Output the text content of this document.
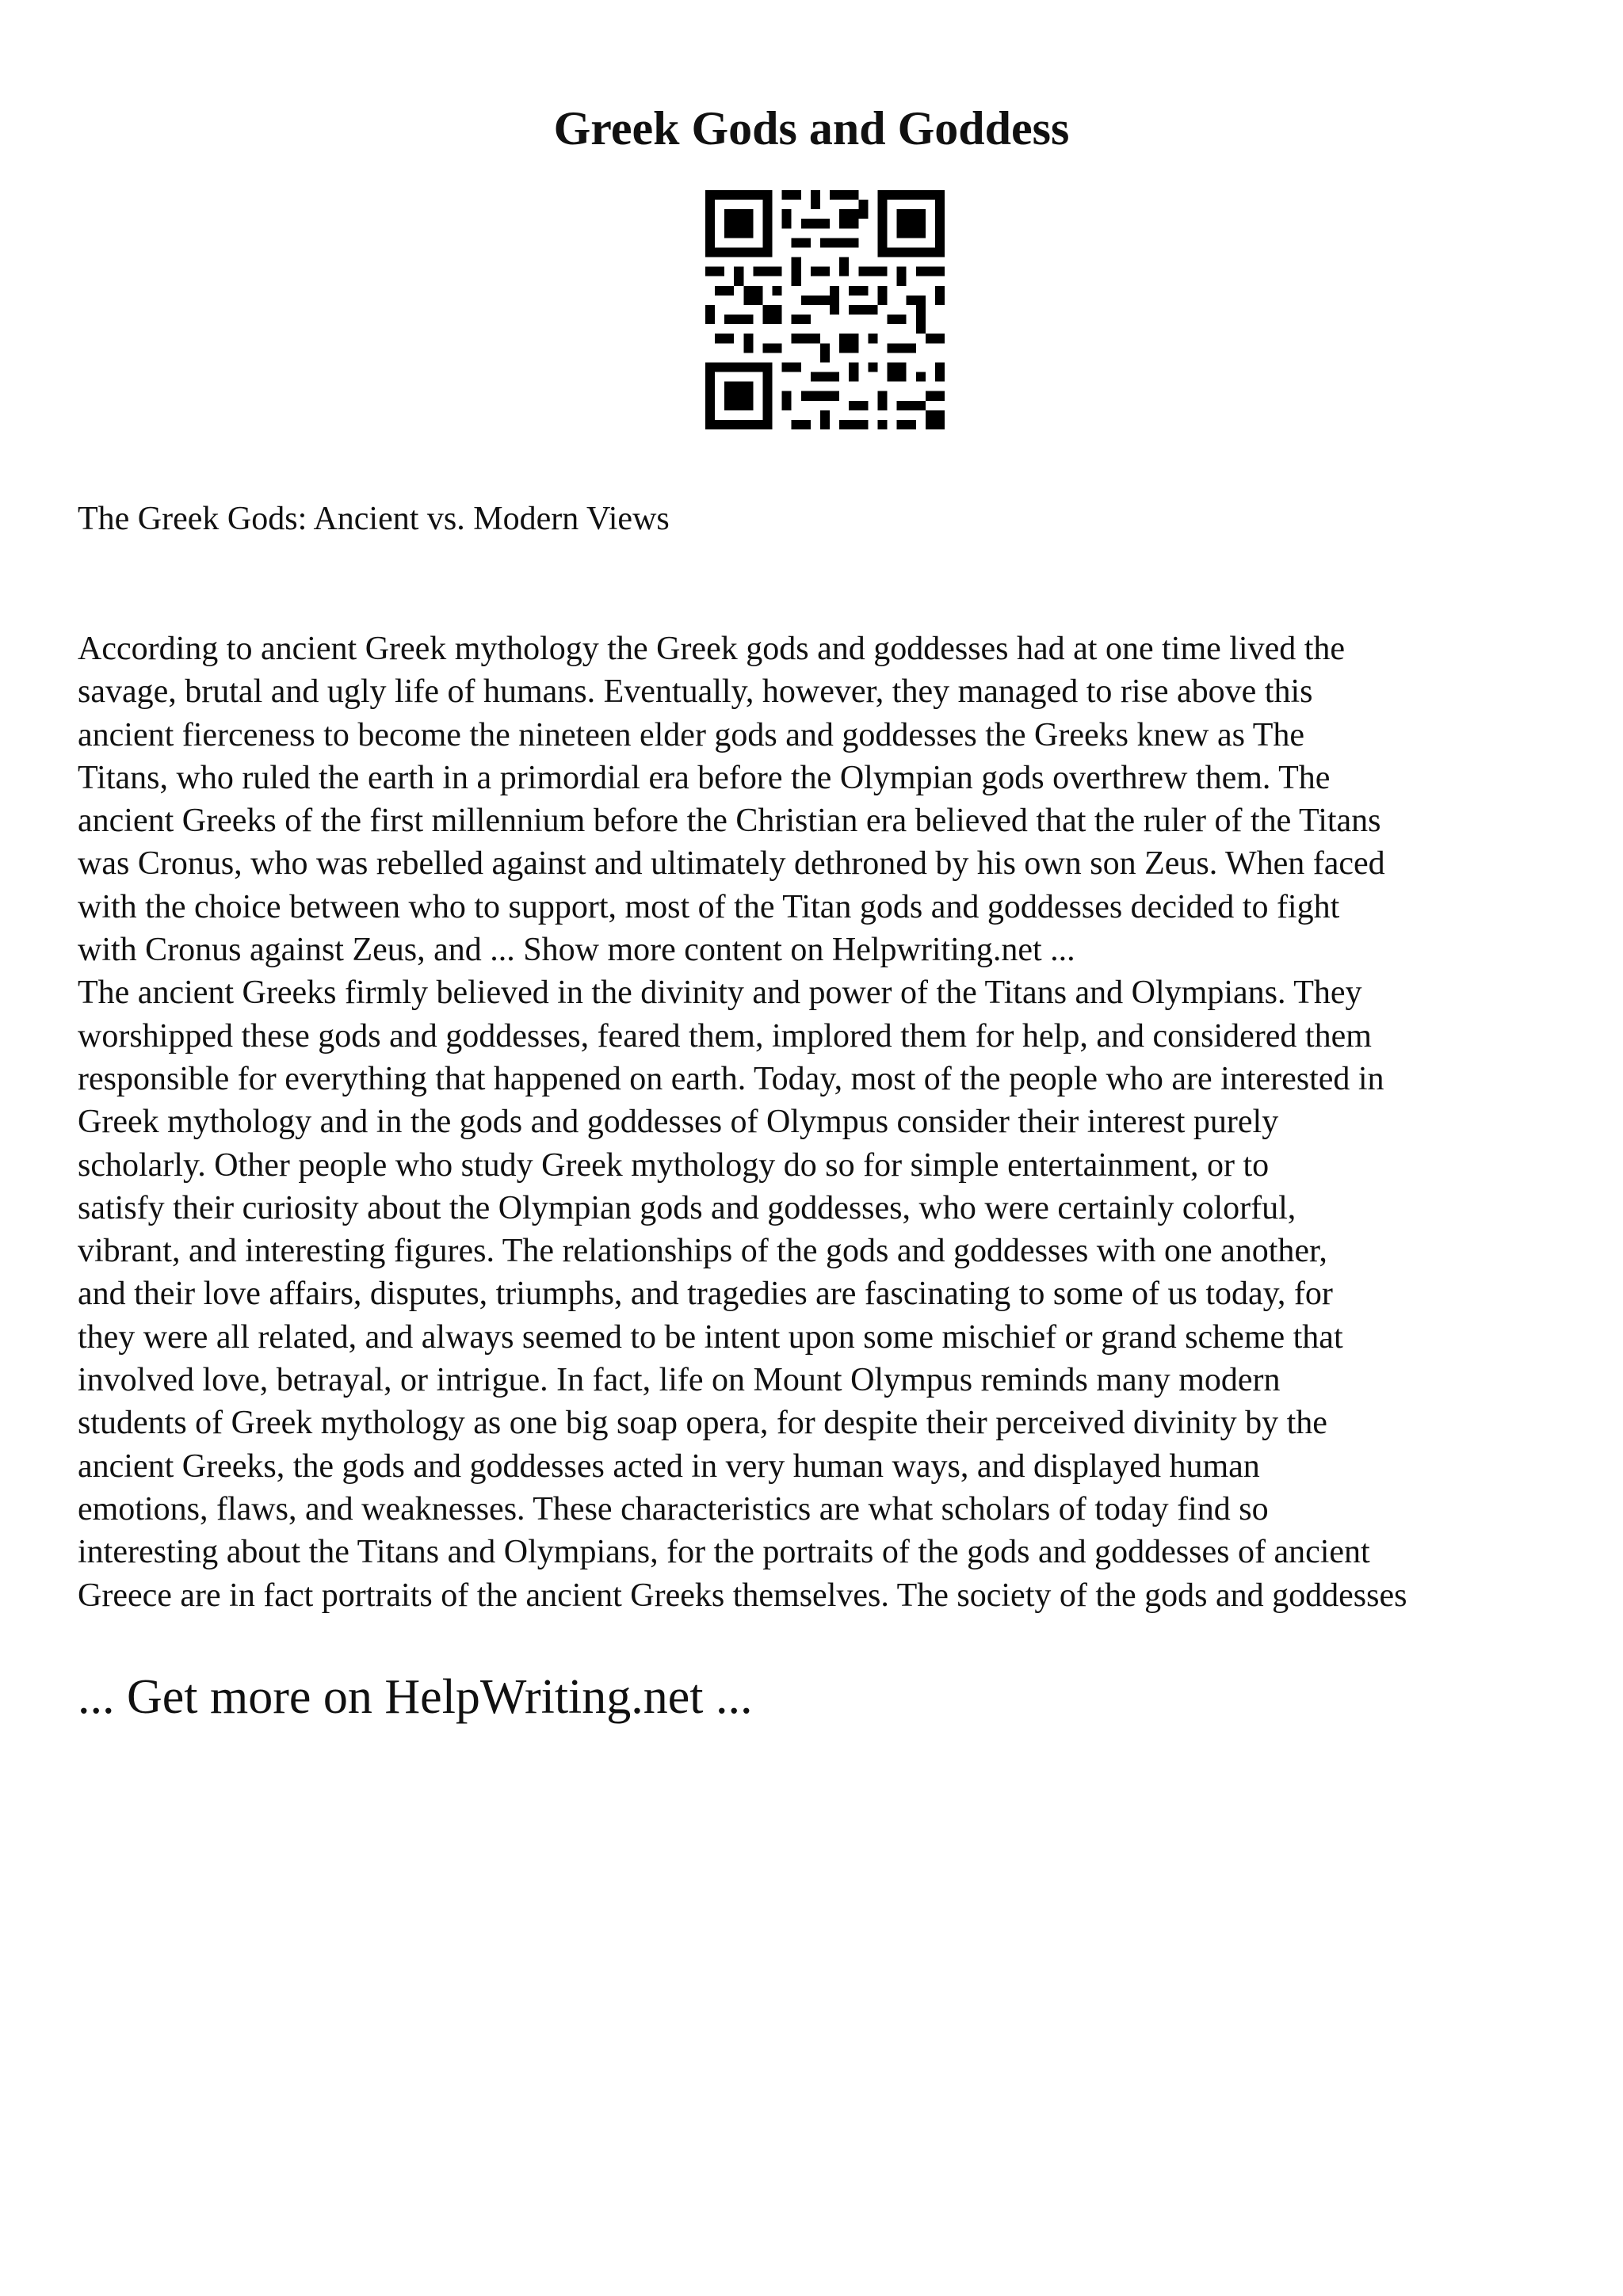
Greek Gods and Goddess

The Greek Gods: Ancient vs. Modern Views

According to ancient Greek mythology the Greek gods and goddesses had at one time lived the
savage, brutal and ugly life of humans. Eventually, however, they managed to rise above this
ancient fierceness to become the nineteen elder gods and goddesses the Greeks knew as The
Titans, who ruled the earth in a primordial era before the Olympian gods overthrew them. The
ancient Greeks of the first millennium before the Christian era believed that the ruler of the Titans
was Cronus, who was rebelled against and ultimately dethroned by his own son Zeus. When faced
with the choice between who to support, most of the Titan gods and goddesses decided to fight
with Cronus against Zeus, and ... Show more content on Helpwriting.net ...
The ancient Greeks firmly believed in the divinity and power of the Titans and Olympians. They
worshipped these gods and goddesses, feared them, implored them for help, and considered them
responsible for everything that happened on earth. Today, most of the people who are interested in
Greek mythology and in the gods and goddesses of Olympus consider their interest purely
scholarly. Other people who study Greek mythology do so for simple entertainment, or to
satisfy their curiosity about the Olympian gods and goddesses, who were certainly colorful,
vibrant, and interesting figures. The relationships of the gods and goddesses with one another,
and their love affairs, disputes, triumphs, and tragedies are fascinating to some of us today, for
they were all related, and always seemed to be intent upon some mischief or grand scheme that
involved love, betrayal, or intrigue. In fact, life on Mount Olympus reminds many modern
students of Greek mythology as one big soap opera, for despite their perceived divinity by the
ancient Greeks, the gods and goddesses acted in very human ways, and displayed human
emotions, flaws, and weaknesses. These characteristics are what scholars of today find so
interesting about the Titans and Olympians, for the portraits of the gods and goddesses of ancient
Greece are in fact portraits of the ancient Greeks themselves. The society of the gods and goddesses

... Get more on HelpWriting.net ...
